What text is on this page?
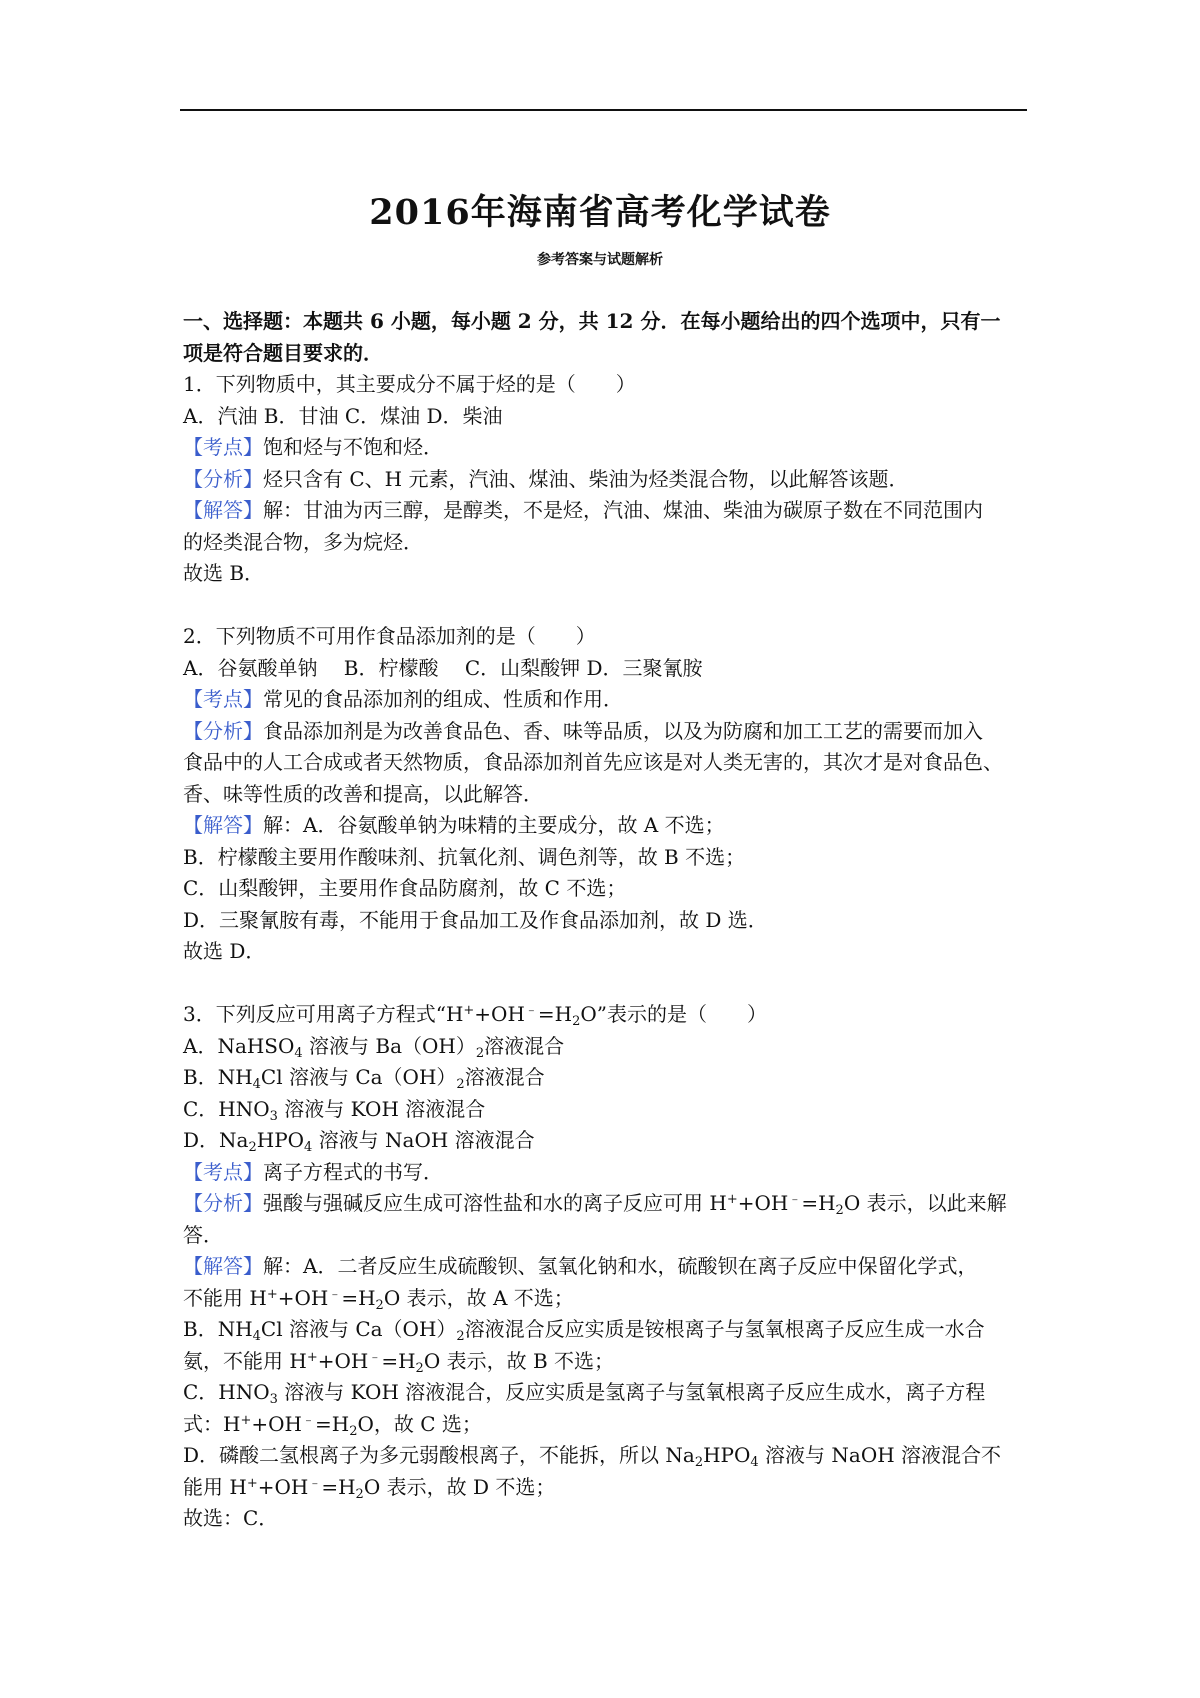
2016年海南省高考化学试卷
参考答案与试题解析
一、选择题：本题共 6 小题，每小题 2 分，共 12 分．在每小题给出的四个选项中，只有一
项是符合题目要求的．
1．下列物质中，其主要成分不属于烃的是（　　）
A．汽油 B．甘油 C．煤油 D．柴油
【考点】饱和烃与不饱和烃．
【分析】烃只含有 C、H 元素，汽油、煤油、柴油为烃类混合物，以此解答该题．
【解答】解：甘油为丙三醇，是醇类，不是烃，汽油、煤油、柴油为碳原子数在不同范围内
的烃类混合物，多为烷烃．
故选 B．
2．下列物质不可用作食品添加剂的是（　　）
A．谷氨酸单钠　 B．柠檬酸　 C．山梨酸钾 D．三聚氰胺
【考点】常见的食品添加剂的组成、性质和作用．
【分析】食品添加剂是为改善食品色、香、味等品质，以及为防腐和加工工艺的需要而加入
食品中的人工合成或者天然物质，食品添加剂首先应该是对人类无害的，其次才是对食品色、
香、味等性质的改善和提高，以此解答．
【解答】解：A．谷氨酸单钠为味精的主要成分，故 A 不选；
B．柠檬酸主要用作酸味剂、抗氧化剂、调色剂等，故 B 不选；
C．山梨酸钾，主要用作食品防腐剂，故 C 不选；
D．三聚氰胺有毒，不能用于食品加工及作食品添加剂，故 D 选．
故选 D．
3．下列反应可用离子方程式“$H^++OH^﹣=H_2O$”表示的是（　　）
A．NaHSO$_4$ 溶液与 $Ba(OH)_2$溶液混合
B．$NH_4Cl$ 溶液与 $Ca(OH)_2$溶液混合
C．$HNO_3$ 溶液与 KOH 溶液混合
D．$Na_2HPO_4$ 溶液与 NaOH 溶液混合
【考点】离子方程式的书写．
【分析】强酸与强碱反应生成可溶性盐和水的离子反应可用 $H^++OH^﹣=H_2O$ 表示，以此来解
答．
【解答】解：A．二者反应生成硫酸钡、氢氧化钠和水，硫酸钡在离子反应中保留化学式，
不能用 $H^++OH^﹣=H_2O$ 表示，故 A 不选；
B．$NH_4Cl$ 溶液与 $Ca(OH)_2$溶液混合反应实质是铵根离子与氢氧根离子反应生成一水合
氨，不能用 $H^++OH^﹣=H_2O$ 表示，故 B 不选；
C．$HNO_3$ 溶液与 KOH 溶液混合，反应实质是氢离子与氢氧根离子反应生成水，离子方程
式：$H^++OH^﹣=H_2O$，故 C 选；
D．磷酸二氢根离子为多元弱酸根离子，不能拆，所以 $Na_2HPO_4$ 溶液与 NaOH 溶液混合不
能用 $H^++OH^﹣=H_2O$ 表示，故 D 不选；
故选：C．
